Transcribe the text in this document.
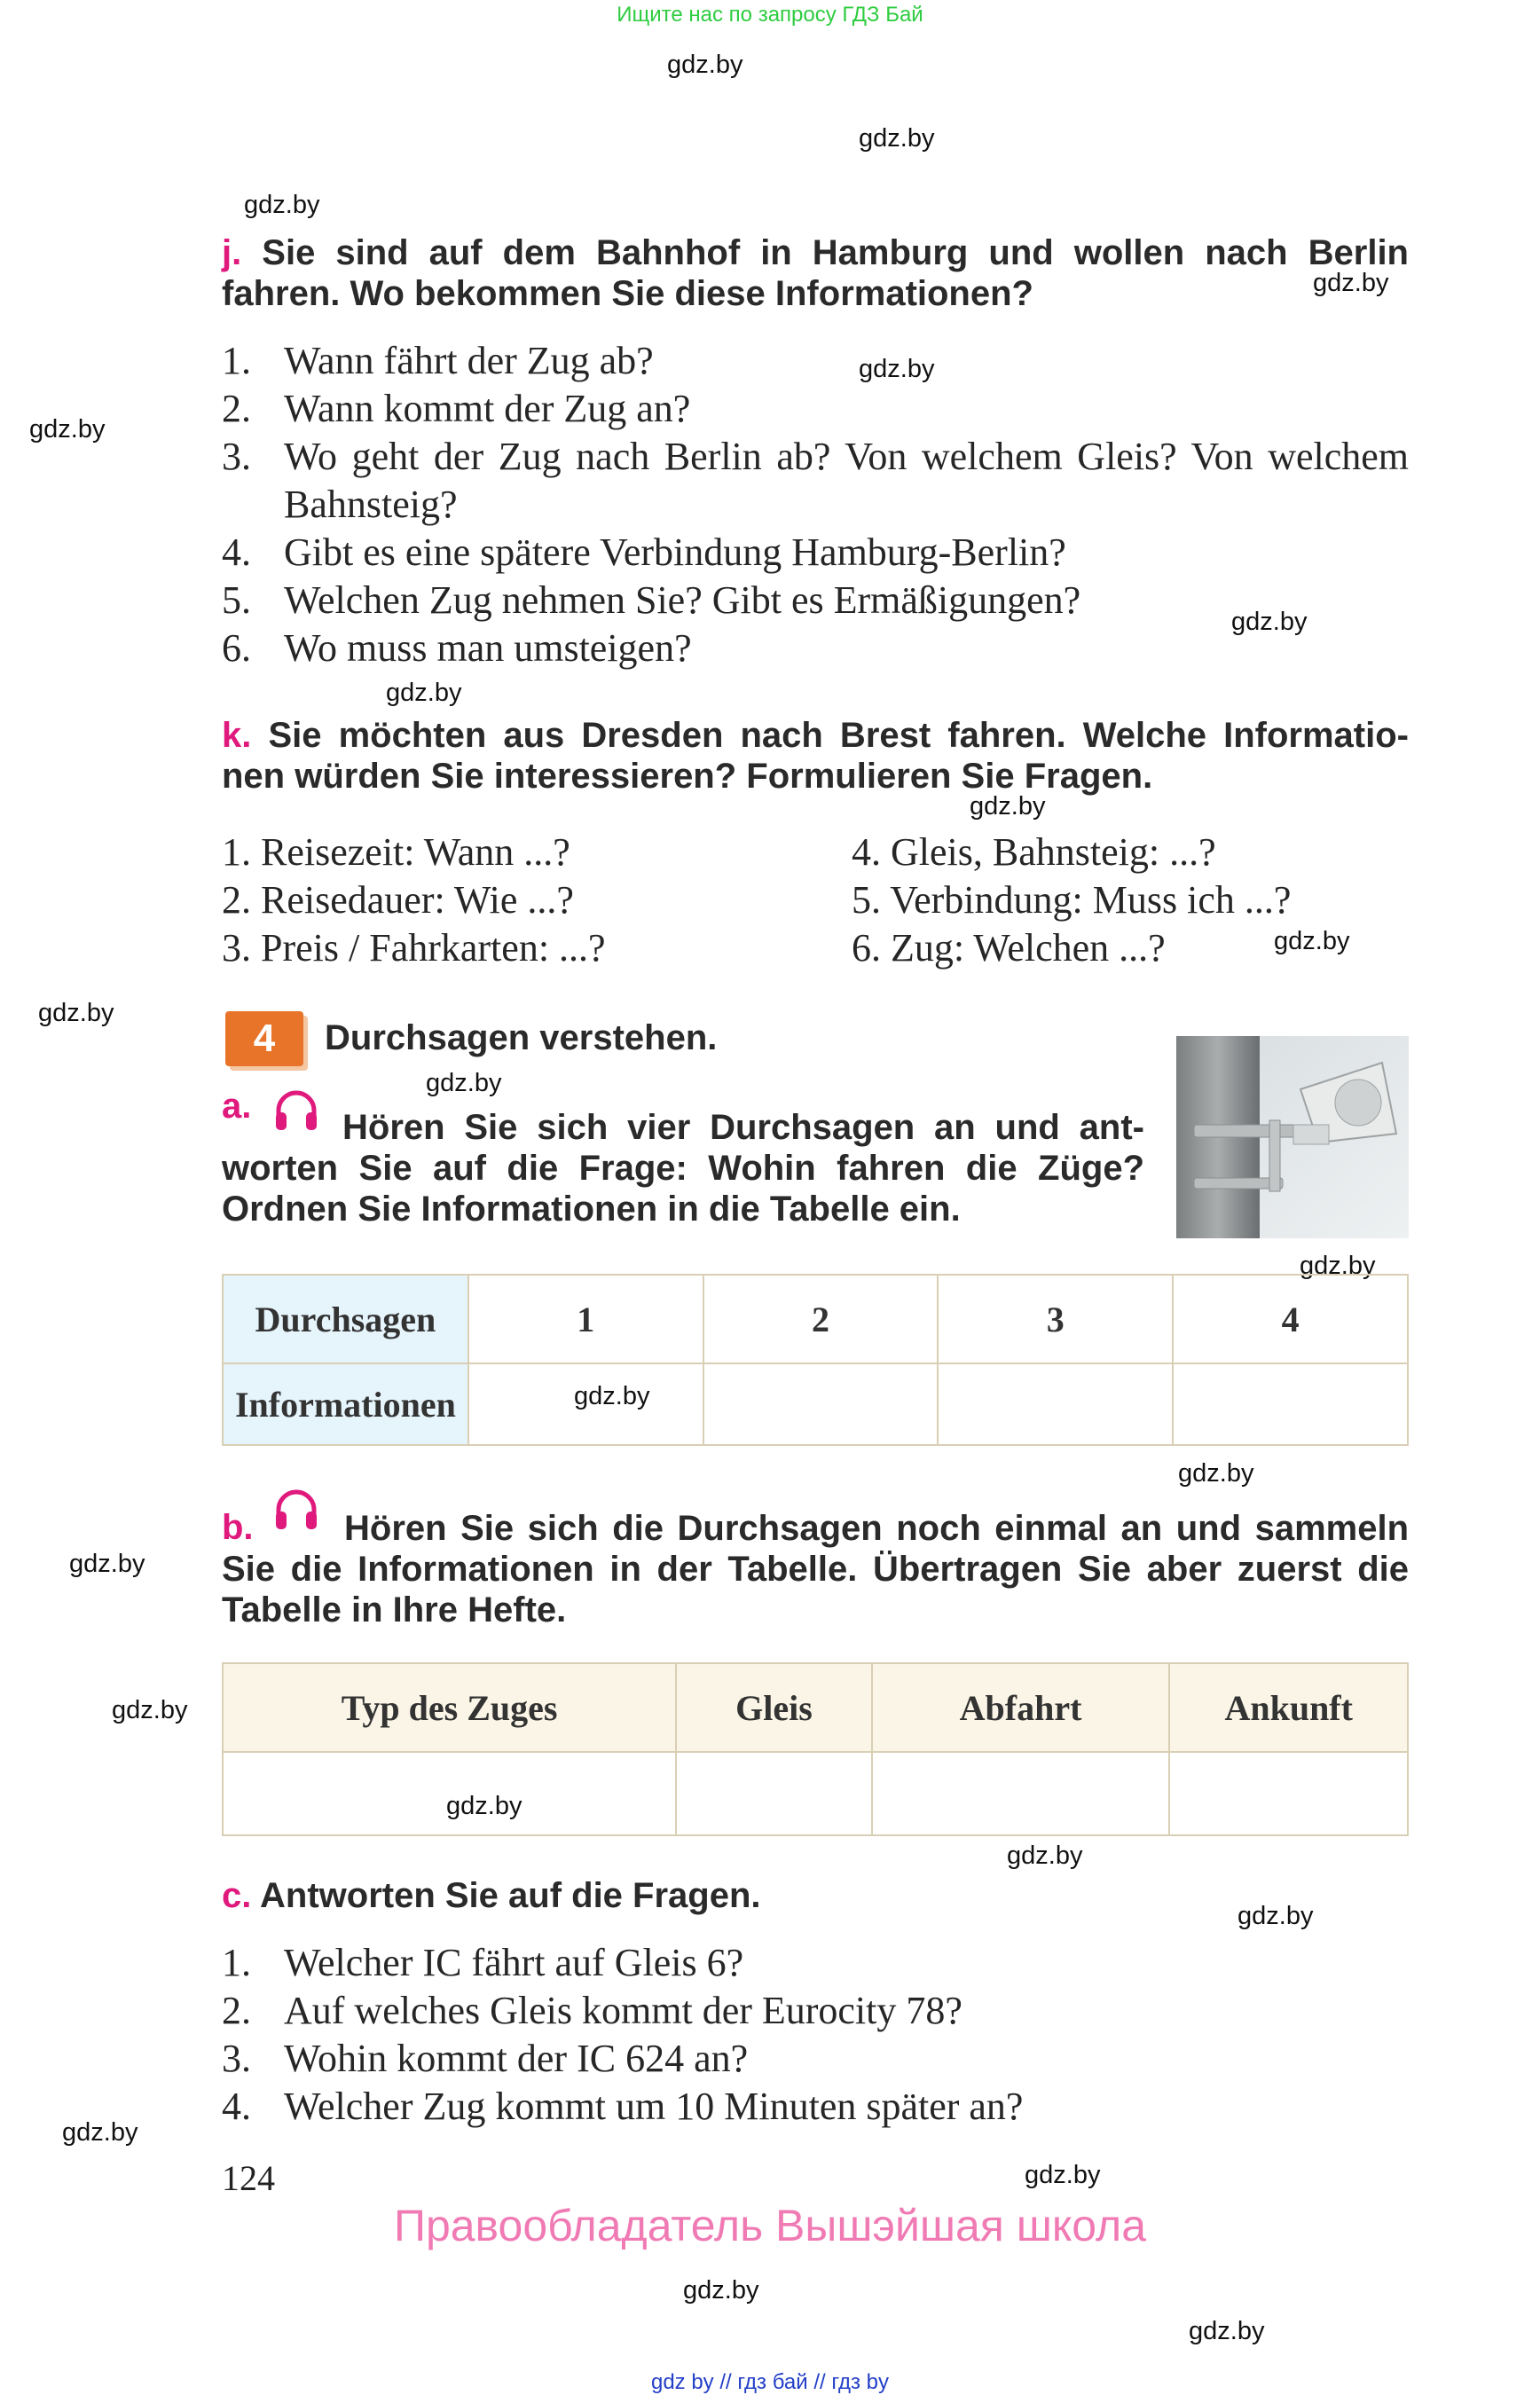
Ищите нас по запросу ГДЗ Бай
gdz.by
gdz.by
gdz.by
gdz.by
gdz.by
gdz.by
gdz.by
gdz.by
gdz.by
gdz.by
gdz.by
gdz.by
gdz.by
gdz.by
gdz.by
gdz.by
gdz.by
gdz.by
gdz.by
gdz.by
gdz.by
gdz.by
gdz.by
gdz.by
j. Sie sind auf dem Bahnhof in Hamburg und wollen nach Berlin fahren. Wo bekommen Sie diese Informationen?
1. Wann fährt der Zug ab?
2. Wann kommt der Zug an?
3. Wo geht der Zug nach Berlin ab? Von welchem Gleis? Von welchem Bahnsteig?
4. Gibt es eine spätere Verbindung Hamburg-Berlin?
5. Welchen Zug nehmen Sie? Gibt es Ermäßigungen?
6. Wo muss man umsteigen?
k. Sie möchten aus Dresden nach Brest fahren. Welche Informatio- nen würden Sie interessieren? Formulieren Sie Fragen.
1. Reisezeit: Wann ...?
2. Reisedauer: Wie ...?
3. Preis / Fahrkarten: ...?
4. Gleis, Bahnsteig: ...?
5. Verbindung: Muss ich ...?
6. Zug: Welchen ...?
4	Durchsagen verstehen.
a.
Hören Sie sich vier Durchsagen an und ant- worten Sie auf die Frage: Wohin fahren die Züge? Ordnen Sie Informationen in die Tabelle ein.
Durchsagen	1	2	3	4
Informationen				
b.	Hören Sie sich die Durchsagen noch einmal an und sammeln Sie die Informationen in der Tabelle. Übertragen Sie aber zuerst die Tabelle in Ihre Hefte.
Typ des Zuges	Gleis	Abfahrt	Ankunft

c. Antworten Sie auf die Fragen.
1. Welcher IC fährt auf Gleis 6?
2. Auf welches Gleis kommt der Eurocity 78?
3. Wohin kommt der IC 624 an?
4. Welcher Zug kommt um 10 Minuten später an?
124
Правообладатель Вышэйшая школа
gdz by // гдз бай // гдз by
